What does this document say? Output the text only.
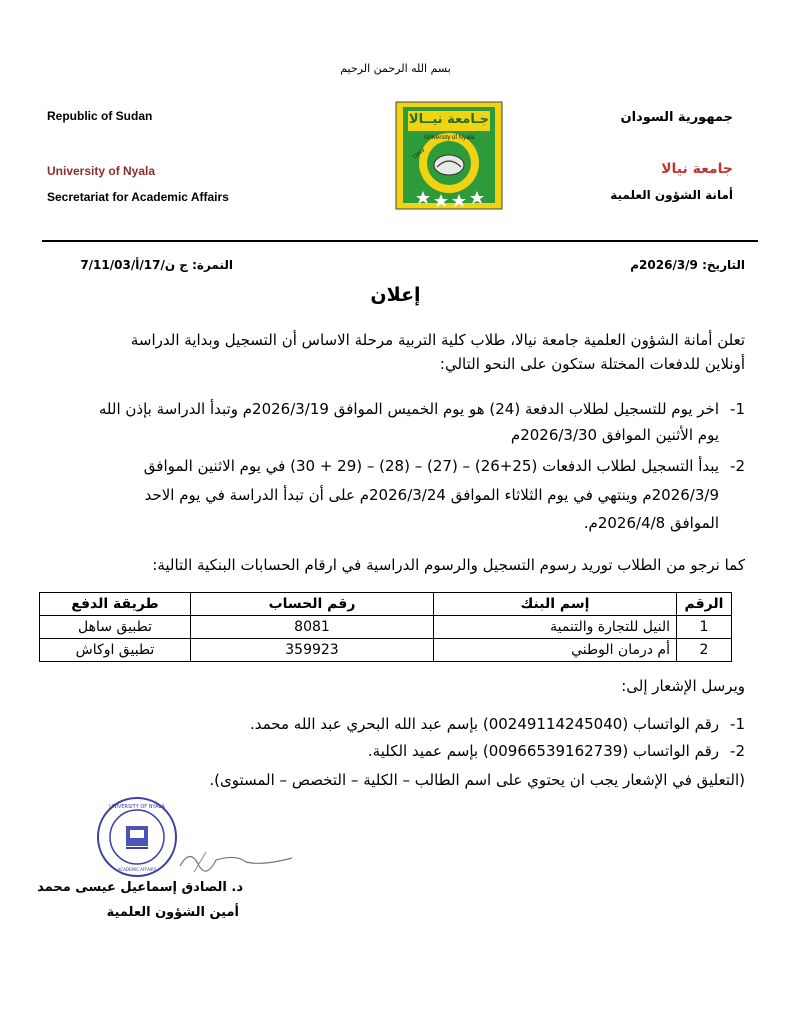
بسم الله الرحمن الرحيم
Republic of Sudan
University of Nyala
Secretariat for Academic Affairs
جمهورية السودان
جامعة نيالا
أمانة الشؤون العلمية
Univ
جـامعة نيــالا
University of Nyala
التاريخ: 2026/3/9م
النمرة: ج ن/17/أ/7/11/03
إعلان
تعلن أمانة الشؤون العلمية جامعة نيالا، طلاب كلية التربية مرحلة الاساس أن التسجيل وبداية الدراسة
أونلاين للدفعات المختلة ستكون على النحو التالي:
1-
اخر يوم للتسجيل لطلاب الدفعة (24) هو يوم الخميس الموافق 2026/3/19م وتبدأ الدراسة بإذن الله
يوم الأثنين الموافق 2026/3/30م
2-
يبدأ التسجيل لطلاب الدفعات (25+26) – (27) – (28) – (29 + 30) في يوم الاثنين الموافق
2026/3/9م وينتهي في يوم الثلاثاء الموافق 2026/3/24م على أن تبدأ الدراسة في يوم الاحد
الموافق 2026/4/8م.
كما نرجو من الطلاب توريد رسوم التسجيل والرسوم الدراسية في ارقام الحسابات البنكية التالية:
الرقم	إسم البنك	رقم الحساب	طريقة الدفع
1	النيل للتجارة والتنمية	8081	تطبيق ساهل
2	أم درمان الوطني	359923	تطبيق اوكاش
ويرسل الإشعار إلى:
1-
رقم الواتساب (00249114245040) بإسم عبد الله البحري عبد الله محمد.
2-
رقم الواتساب (00966539162739) بإسم عميد الكلية.
(التعليق في الإشعار يجب ان يحتوي على اسم الطالب – الكلية – التخصص – المستوى).
UNIVERSITY OF NYALA
ACADEMIC AFFAIRS
د. الصادق إسماعيل عيسى محمد
أمين الشؤون العلمية
